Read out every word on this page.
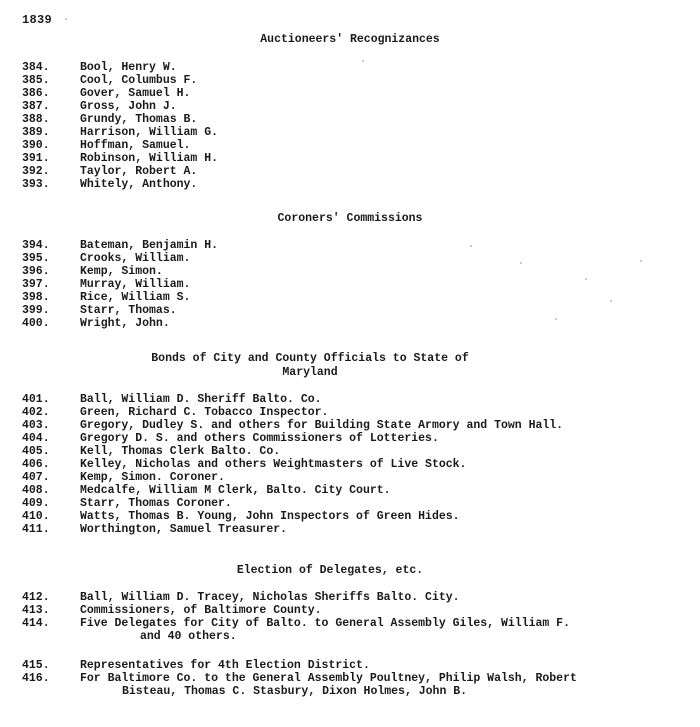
1839
Auctioneers' Recognizances
384.	Bool, Henry W.
385.	Cool, Columbus F.
386.	Gover, Samuel H.
387.	Gross, John J.
388.	Grundy, Thomas B.
389.	Harrison, William G.
390.	Hoffman, Samuel.
391.	Robinson, William H.
392.	Taylor, Robert A.
393.	Whitely, Anthony.
Coroners' Commissions
394.	Bateman, Benjamin H.
395.	Crooks, William.
396.	Kemp, Simon.
397.	Murray, William.
398.	Rice, William S.
399.	Starr, Thomas.
400.	Wright, John.
Bonds of City and County Officials to State of
Maryland
401.	Ball, William D. Sheriff Balto. Co.
402.	Green, Richard C. Tobacco Inspector.
403.	Gregory, Dudley S. and others for Building State Armory and Town Hall.
404.	Gregory D. S. and others Commissioners of Lotteries.
405.	Kell, Thomas Clerk Balto. Co.
406.	Kelley, Nicholas and others Weightmasters of Live Stock.
407.	Kemp, Simon. Coroner.
408.	Medcalfe, William M Clerk, Balto. City Court.
409.	Starr, Thomas Coroner.
410.	Watts, Thomas B. Young, John Inspectors of Green Hides.
411.	Worthington, Samuel Treasurer.
Election of Delegates, etc.
412.	Ball, William D. Tracey, Nicholas Sheriffs Balto. City.
413.	Commissioners, of Baltimore County.
414.	Five Delegates for City of Balto. to General Assembly Giles, William F.
and 40 others.
415.	Representatives for 4th Election District.
416.	For Baltimore Co. to the General Assembly Poultney, Philip Walsh, Robert
Bisteau, Thomas C. Stasbury, Dixon Holmes, John B.
